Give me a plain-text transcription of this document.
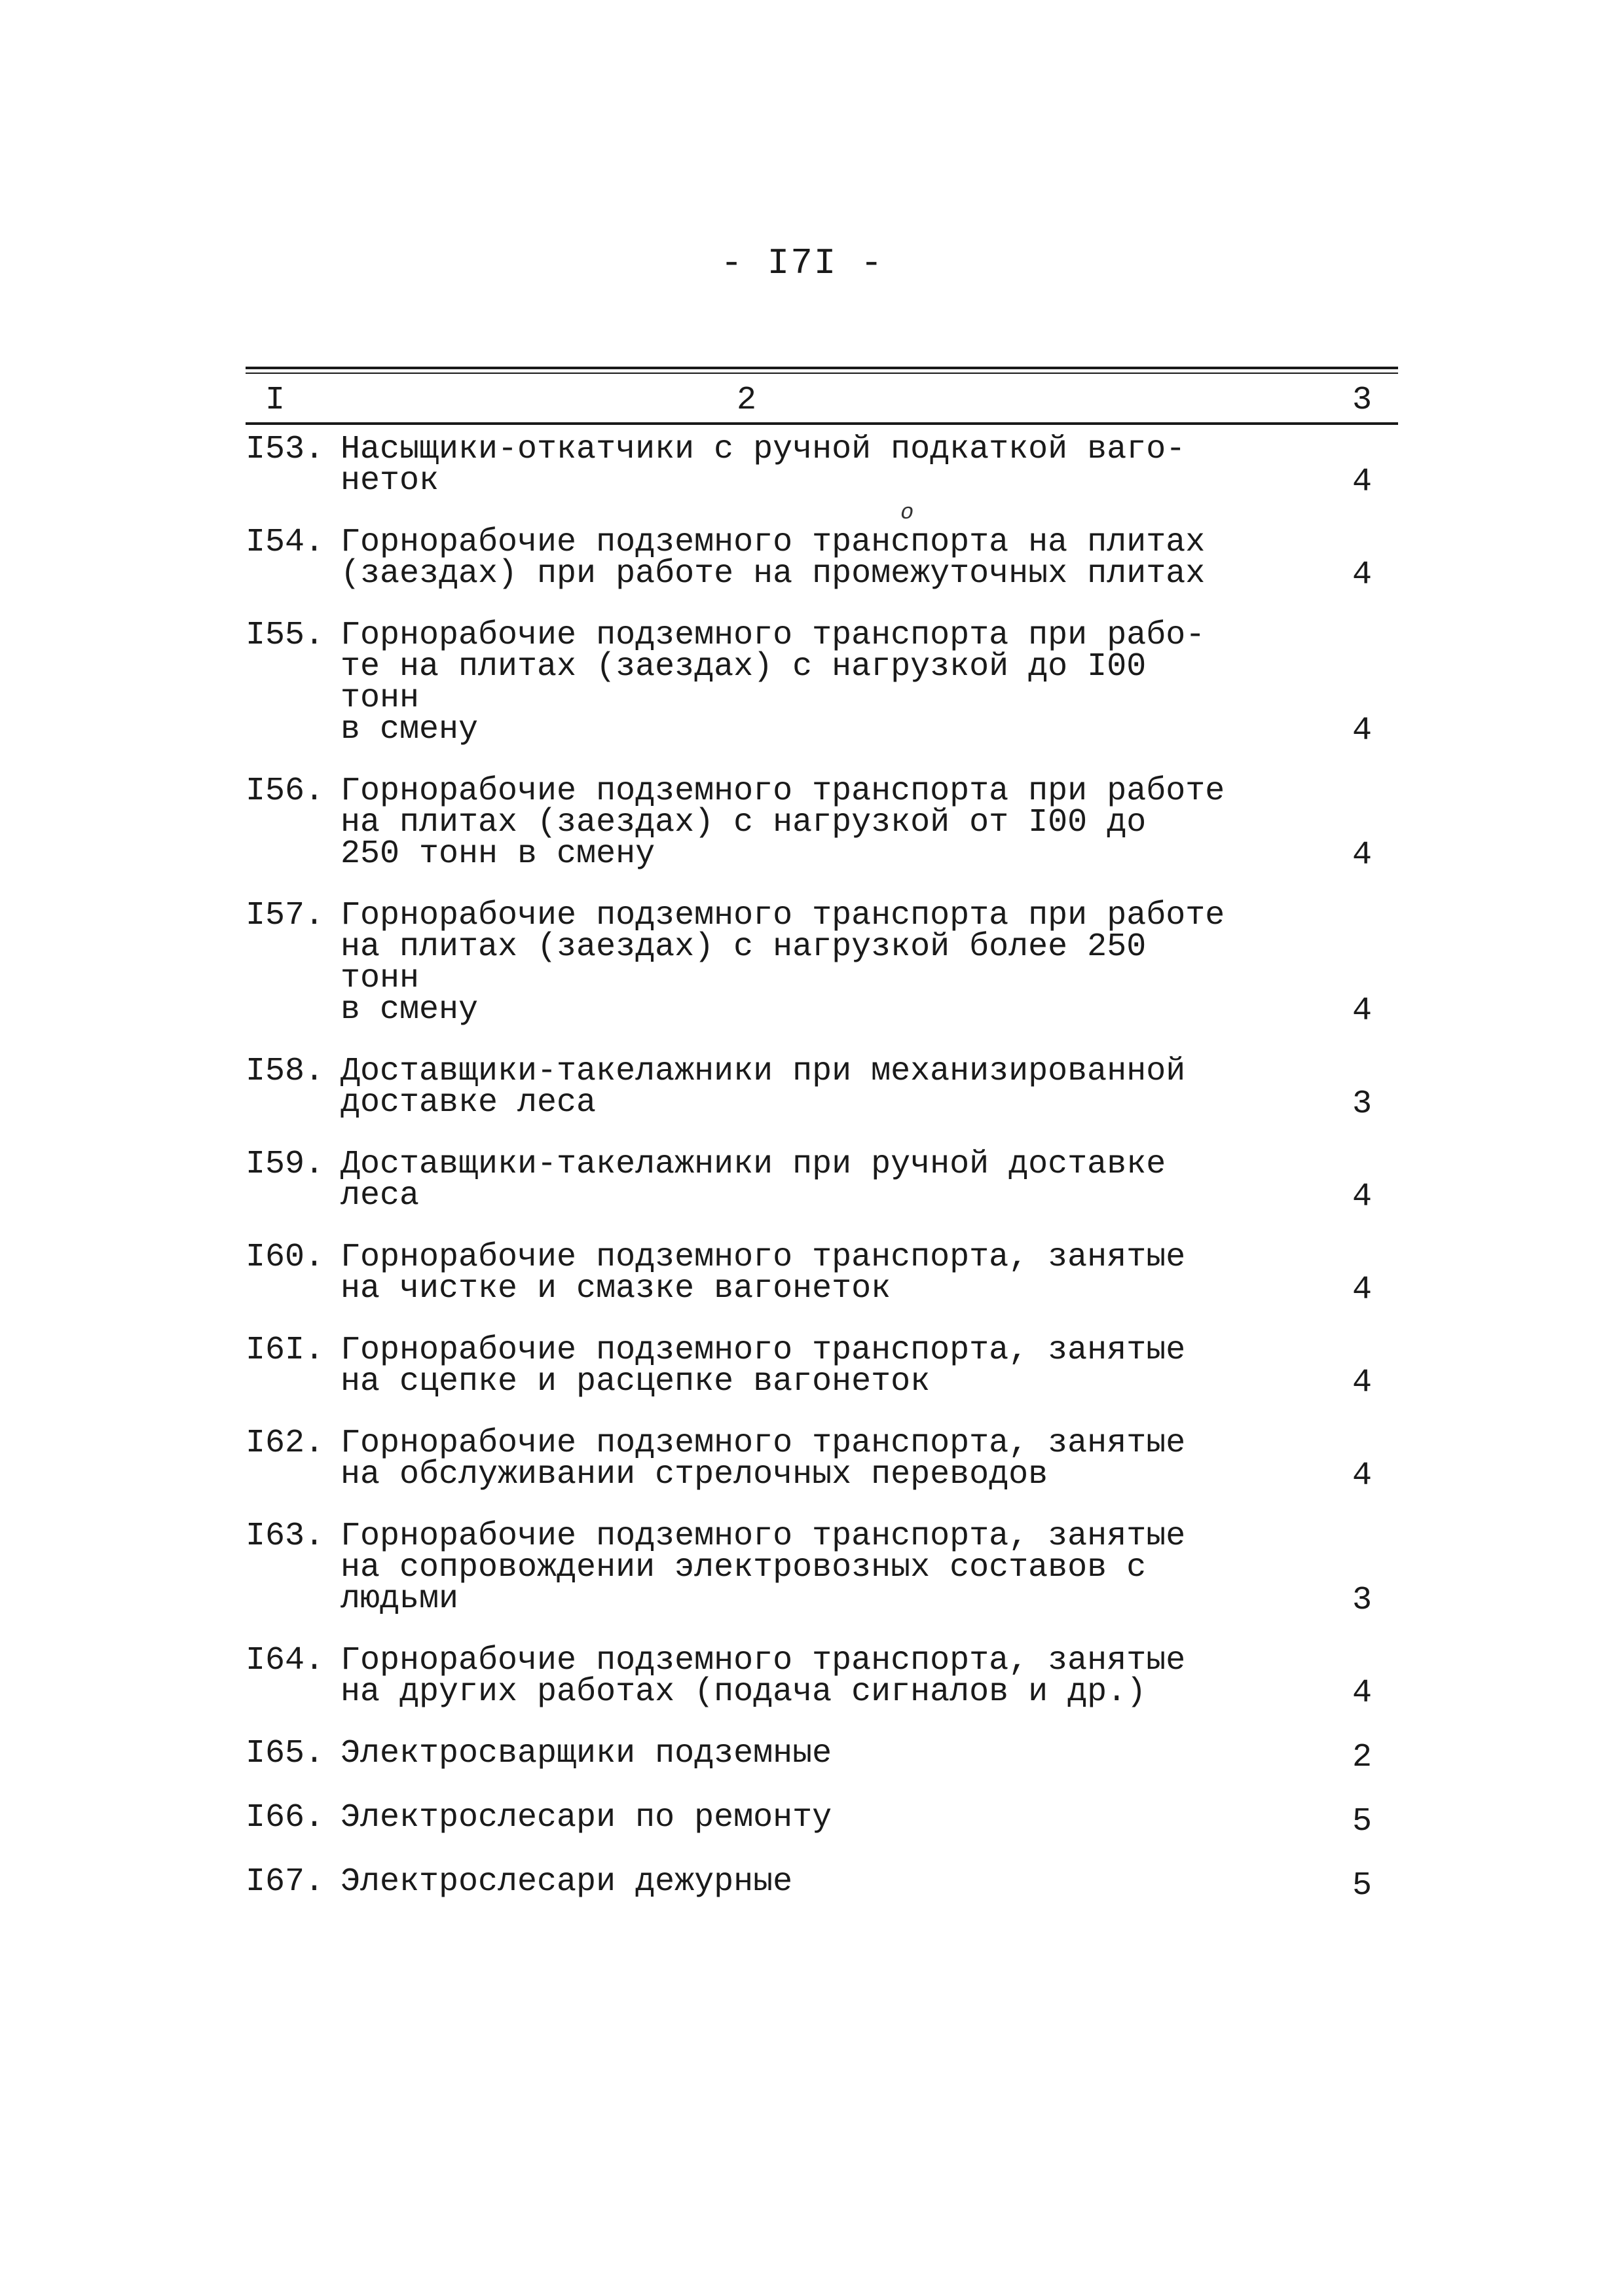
- I7I -
I	2	3
I53. Насыщики-откатчики с ручной подкаткой ваго-
неток	4
I54. Горнорабочие подземного транспорта на плитах
(заездах) при работе на промежуточных плитах	4
I55. Горнорабочие подземного транспорта при рабо-
те на плитах (заездах) с нагрузкой до I00 тонн
в смену	4
I56. Горнорабочие подземного транспорта при работе
на плитах (заездах) с нагрузкой от I00 до
250 тонн в смену	4
I57. Горнорабочие подземного транспорта при работе
на плитах (заездах) с нагрузкой более 250 тонн
в смену	4
I58. Доставщики-такелажники при механизированной
доставке леса	3
I59. Доставщики-такелажники при ручной доставке
леса	4
I60. Горнорабочие подземного транспорта, занятые
на чистке и смазке вагонеток	4
I6I. Горнорабочие подземного транспорта, занятые
на сцепке и расцепке вагонеток	4
I62. Горнорабочие подземного транспорта, занятые
на обслуживании стрелочных переводов	4
I63. Горнорабочие подземного транспорта, занятые
на сопровождении электровозных составов с
людьми	3
I64. Горнорабочие подземного транспорта, занятые
на других работах (подача сигналов и др.)	4
I65. Электросварщики подземные	2
I66. Электрослесари по ремонту	5
I67. Электрослесари дежурные	5
о
